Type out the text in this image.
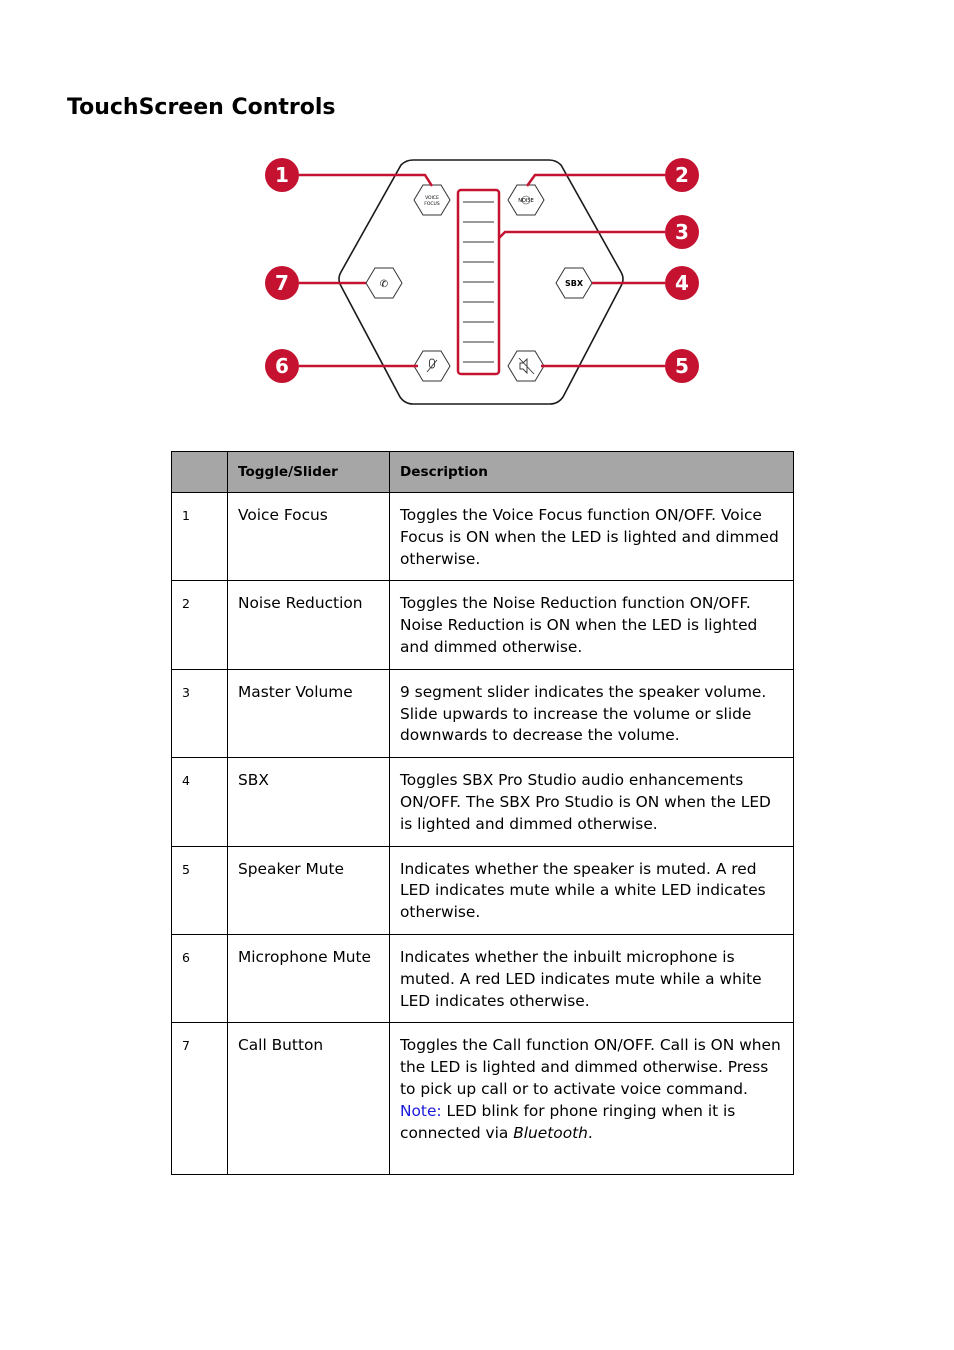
TouchScreen Controls
VOICE
FOCUS
NOISE
✆	SBX
1	2
3
4
5
6
7
	Toggle/Slider	Description
1	Voice Focus	Toggles the Voice Focus function ON/OFF. Voice Focus is ON when the LED is lighted and dimmed otherwise.
2	Noise Reduction	Toggles the Noise Reduction function ON/OFF. Noise Reduction is ON when the LED is lighted and dimmed otherwise.
3	Master Volume	9 segment slider indicates the speaker volume. Slide upwards to increase the volume or slide downwards to decrease the volume.
4	SBX	Toggles SBX Pro Studio audio enhancements ON/OFF. The SBX Pro Studio is ON when the LED is lighted and dimmed otherwise.
5	Speaker Mute	Indicates whether the speaker is muted. A red LED indicates mute while a white LED indicates otherwise.
6	Microphone Mute	Indicates whether the inbuilt microphone is muted. A red LED indicates mute while a white LED indicates otherwise.
7	Call Button	Toggles the Call function ON/OFF. Call is ON when the LED is lighted and dimmed otherwise. Press to pick up call or to activate voice command.
Note: LED blink for phone ringing when it is connected via Bluetooth.
